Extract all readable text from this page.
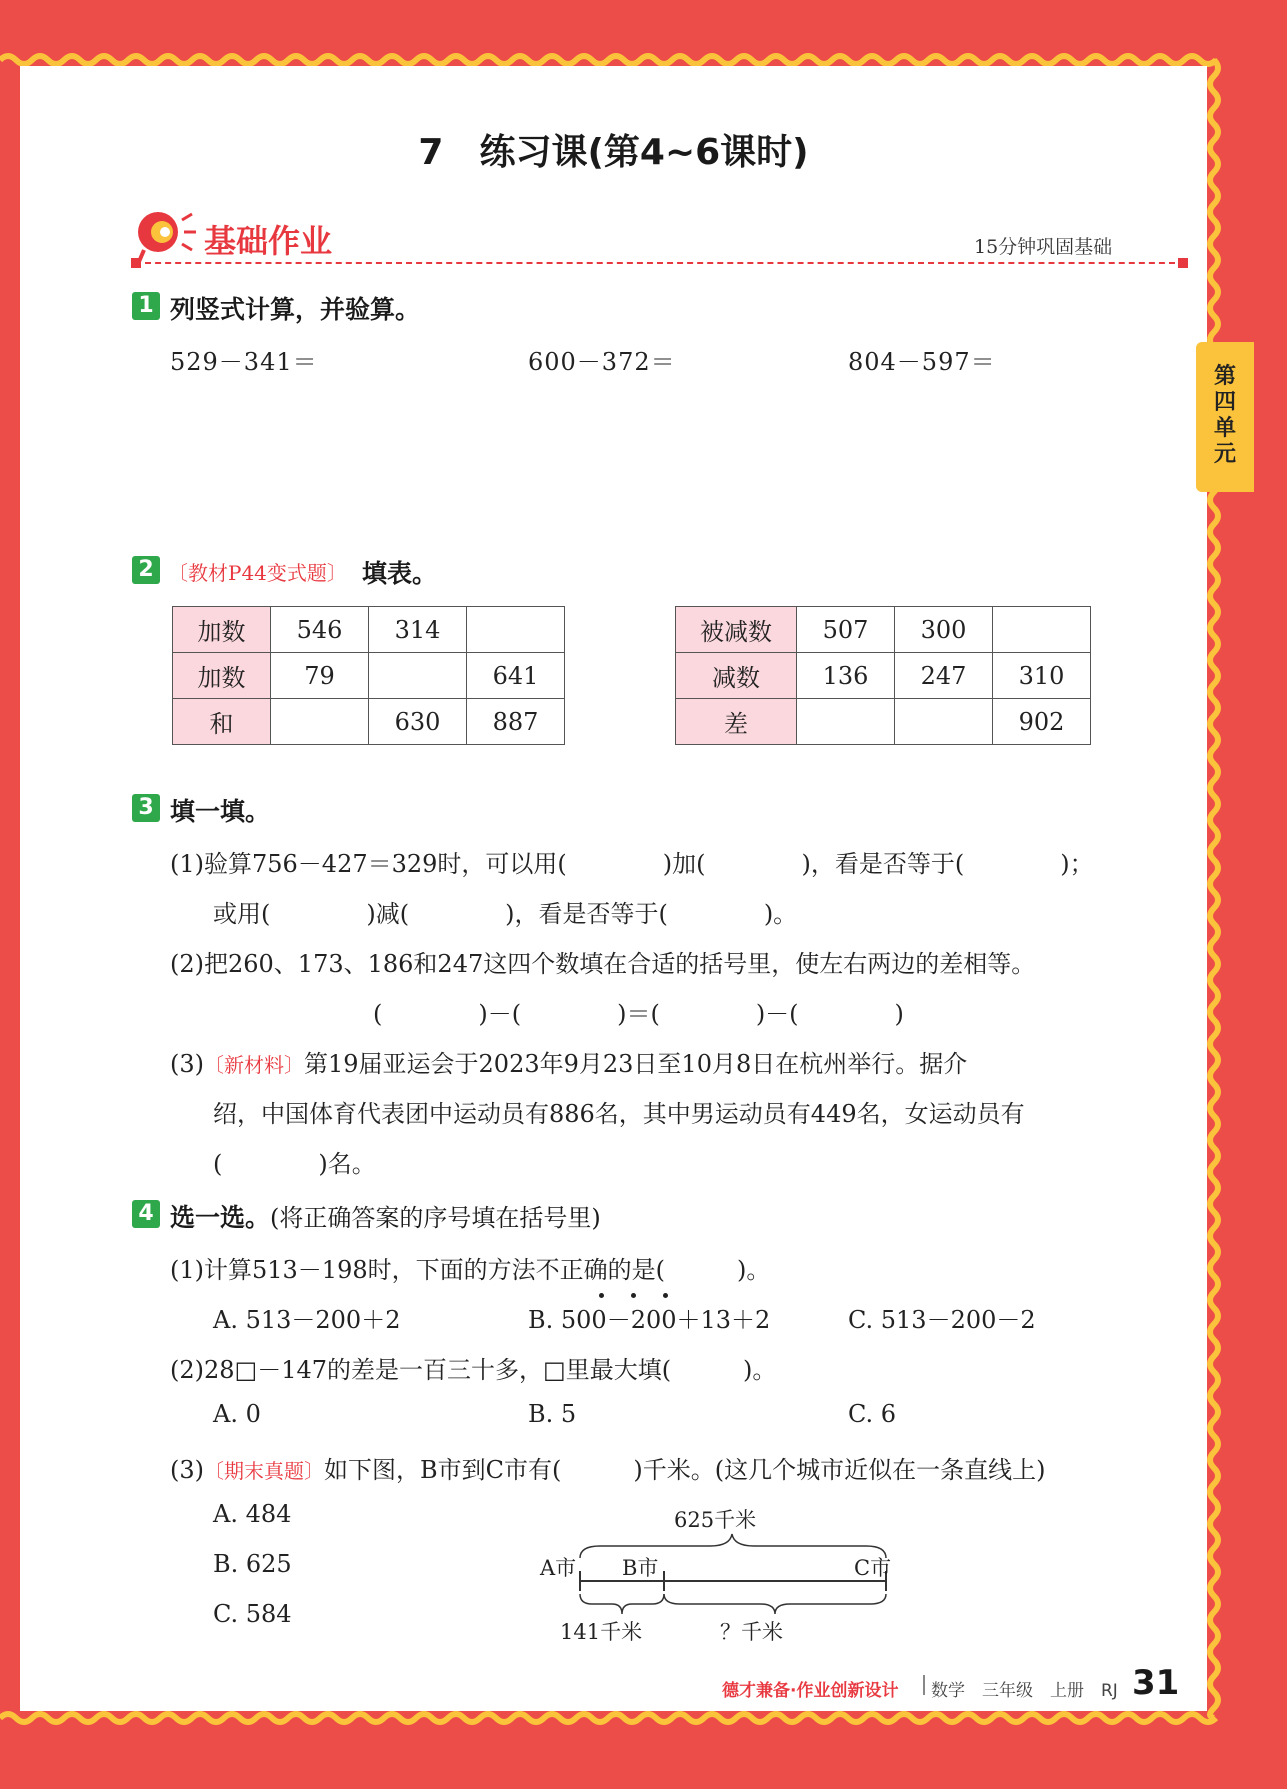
7　练习课(第4~6课时)
基础作业	15分钟巩固基础
1 列竖式计算，并验算。
529－341＝	600－372＝	804－597＝
2 〔教材P44变式题〕 填表。
加数	546	314	
加数	79		641
和		630	887
被减数	507	300	
减数	136	247	310
差			902
3 填一填。
(1)验算756－427＝329时，可以用(　　　　)加(　　　　)，看是否等于(　　　　)；
或用(　　　　)减(　　　　)，看是否等于(　　　　)。
(2)把260、173、186和247这四个数填在合适的括号里，使左右两边的差相等。
(　　　　)－(　　　　)＝(　　　　)－(　　　　)
(3)〔新材料〕第19届亚运会于2023年9月23日至10月8日在杭州举行。据介
绍，中国体育代表团中运动员有886名，其中男运动员有449名，女运动员有
(　　　　)名。
4 选一选。(将正确答案的序号填在括号里)
(1)计算513－198时，下面的方法不正确的是(　　　)。
A. 513－200＋2	B. 500－200＋13＋2	C. 513－200－2
(2)28□－147的差是一百三十多，□里最大填(　　　)。
A. 0	B. 5	C. 6
(3)〔期末真题〕如下图，B市到C市有(　　　)千米。(这几个城市近似在一条直线上)
A. 484
B. 625
C. 584
625千米
A市 B市	C市
141千米	？千米
德才兼备·作业创新设计 数学　三年级　上册　RJ 31
第
四
单
元
